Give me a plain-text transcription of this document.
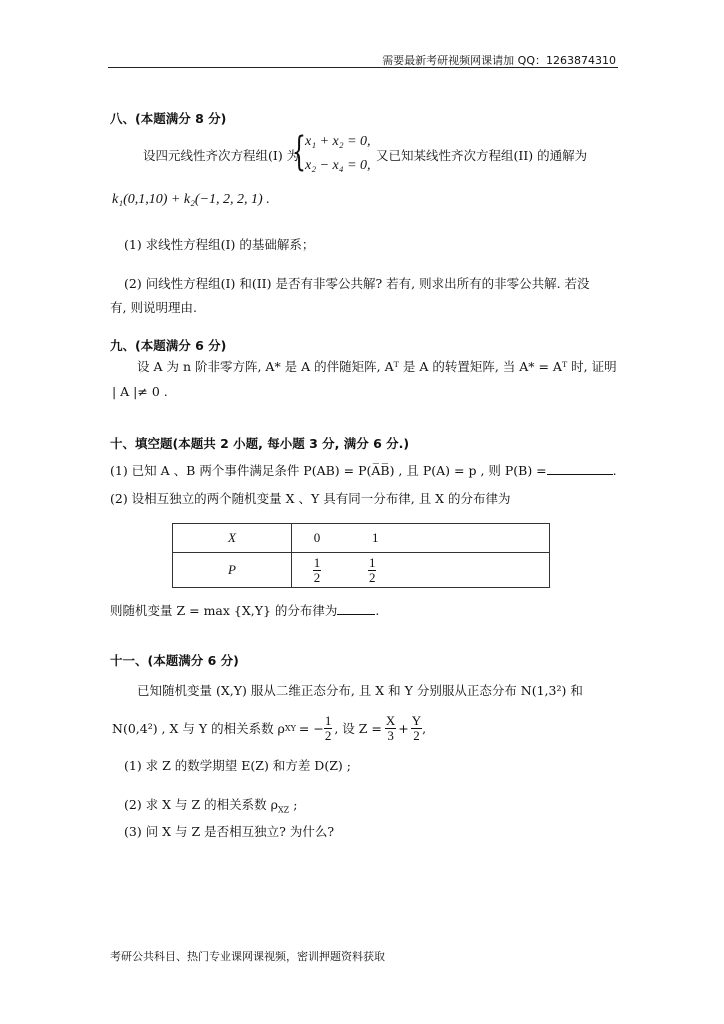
需要最新考研视频网课请加 QQ：1263874310
八、(本题满分 8 分)
设四元线性齐次方程组(I) 为
{ x₁ + x₂ = 0,
x₂ − x₄ = 0,
又已知某线性齐次方程组(II) 的通解为
k₁(0,1,10) + k₂(−1, 2, 2, 1) .
(1) 求线性方程组(I) 的基础解系；
(2) 问线性方程组(I) 和(II) 是否有非零公共解? 若有, 则求出所有的非零公共解. 若没
有, 则说明理由.
九、(本题满分 6 分)
设 A 为 n 阶非零方阵, A* 是 A 的伴随矩阵, Aᵀ 是 A 的转置矩阵, 当 A* = Aᵀ 时, 证明
| A |≠ 0 .
十、填空题(本题共 2 小题, 每小题 3 分, 满分 6 分.)
(1) 已知 A 、B 两个事件满足条件 P(AB) = P(A̅B̅) , 且 P(A) = p , 则 P(B) =	.
(2) 设相互独立的两个随机变量 X 、Y 具有同一分布律, 且 X 的分布律为
X	0	1
P	$\frac{1}{2}$	$\frac{1}{2}$
则随机变量 Z = max {X,Y} 的分布律为	.
十一、(本题满分 6 分)
已知随机变量 (X,Y) 服从二维正态分布, 且 X 和 Y 分别服从正态分布 N(1,3²) 和
N(0,4²) , X 与 Y 的相关系数 ρ XY = − $\frac{1}{2}$ , 设 $Z = \frac{X}{3} + \frac{Y}{2}$ ,
(1) 求 Z 的数学期望 E(Z) 和方差 D(Z) ;
(2) 求 X 与 Z 的相关系数 $\rho_{XZ}$ ;
(3) 问 X 与 Z 是否相互独立? 为什么?
考研公共科目、热门专业课网课视频，密训押题资料获取
